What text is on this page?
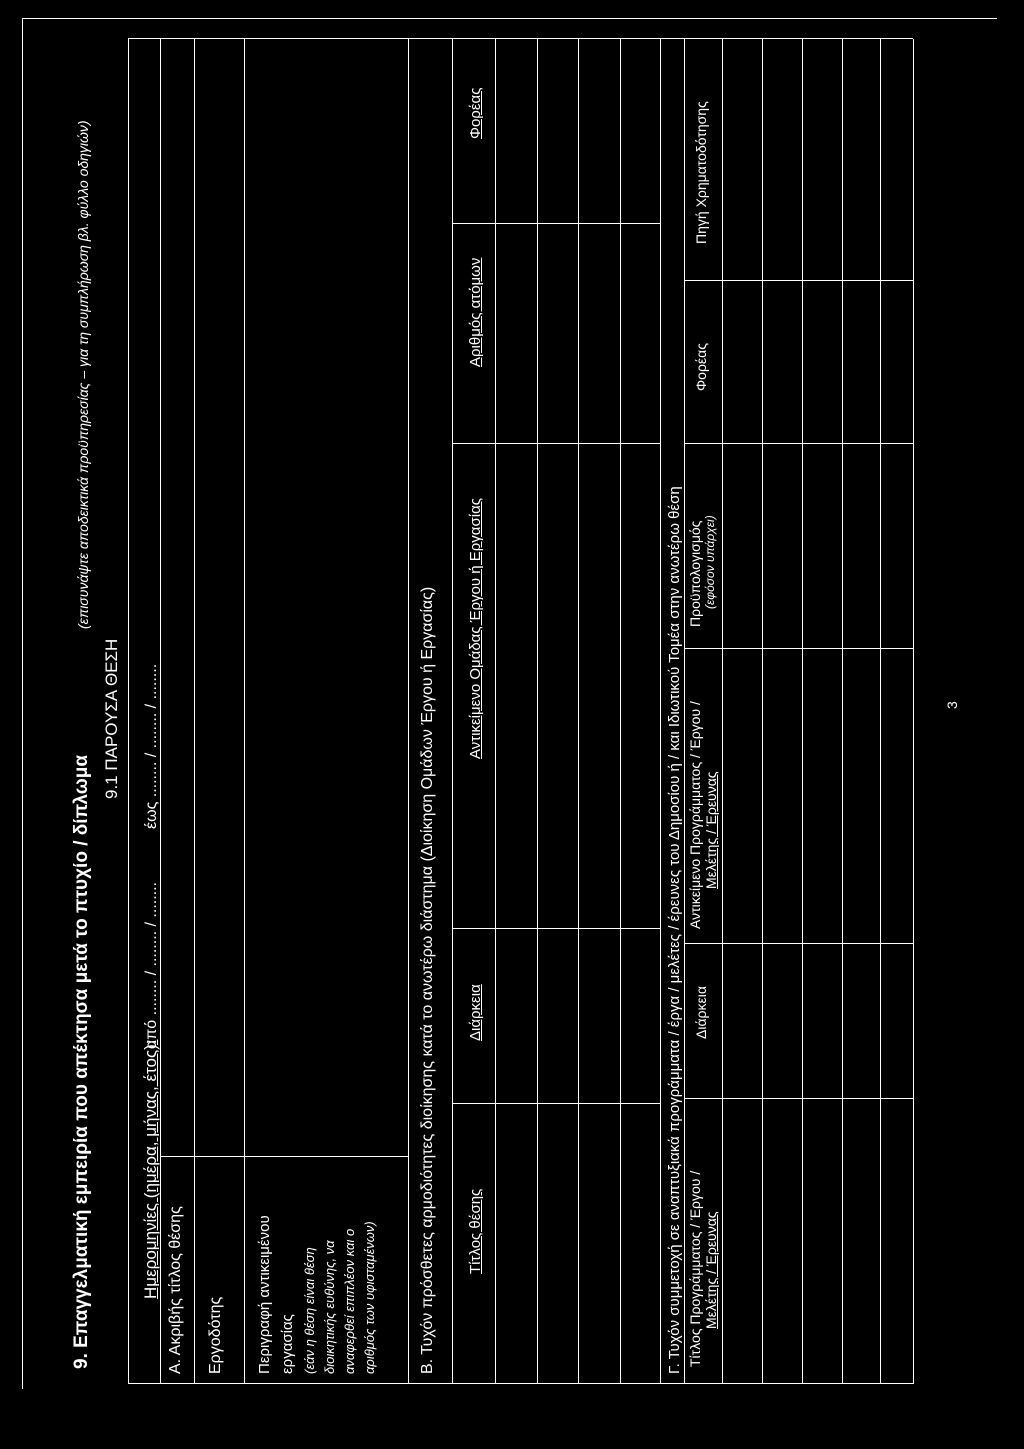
9. Επαγγελματική εμπειρία που απέκτησα μετά το πτυχίο / δίπλωμα
(επισυνάψτε αποδεικτικά προϋπηρεσίας – για τη συμπλήρωση βλ. φύλλο οδηγιών)
9.1 ΠΑΡΟΥΣΑ ΘΕΣΗ
Ημερομηνίες (ημέρα, μήνας, έτος):
από ........ / ........ / ........
έως ........ / ........ / ........
Α. Ακριβής τίτλος θέσης Εργοδότης Περιγραφή αντικειμένου εργασίας (εάν η θέση είναι θέση διοικητικής ευθύνης, να αναφερθεί επιπλέον και ο αριθμός των υφισταμένων)	Β. Τυχόν πρόσθετες αρμοδιότητες διοίκησης κατά το ανωτέρω διάστημα (Διοίκηση Ομάδων Έργου ή Εργασίας) Τίτλος θέσης
Διάρκεια
Αντικείμενο Ομάδας Έργου ή Εργασίας
Αριθμός ατόμων
Φορέας
Γ. Τυχόν συμμετοχή σε αναπτυξιακά προγράμματα / έργα / μελέτες / έρευνες του Δημοσίου ή / και Ιδιωτικού Τομέα στην ανωτέρω θέση Τίτλος Προγράμματος / Έργου / Μελέτης / Έρευνας
Διάρκεια
Αντικείμενο Προγράμματος / Έργου / Μελέτης / Έρευνας
Προϋπολογισμός (εφόσον υπάρχει)
Φορέας
Πηγή Χρηματοδότησης
3
